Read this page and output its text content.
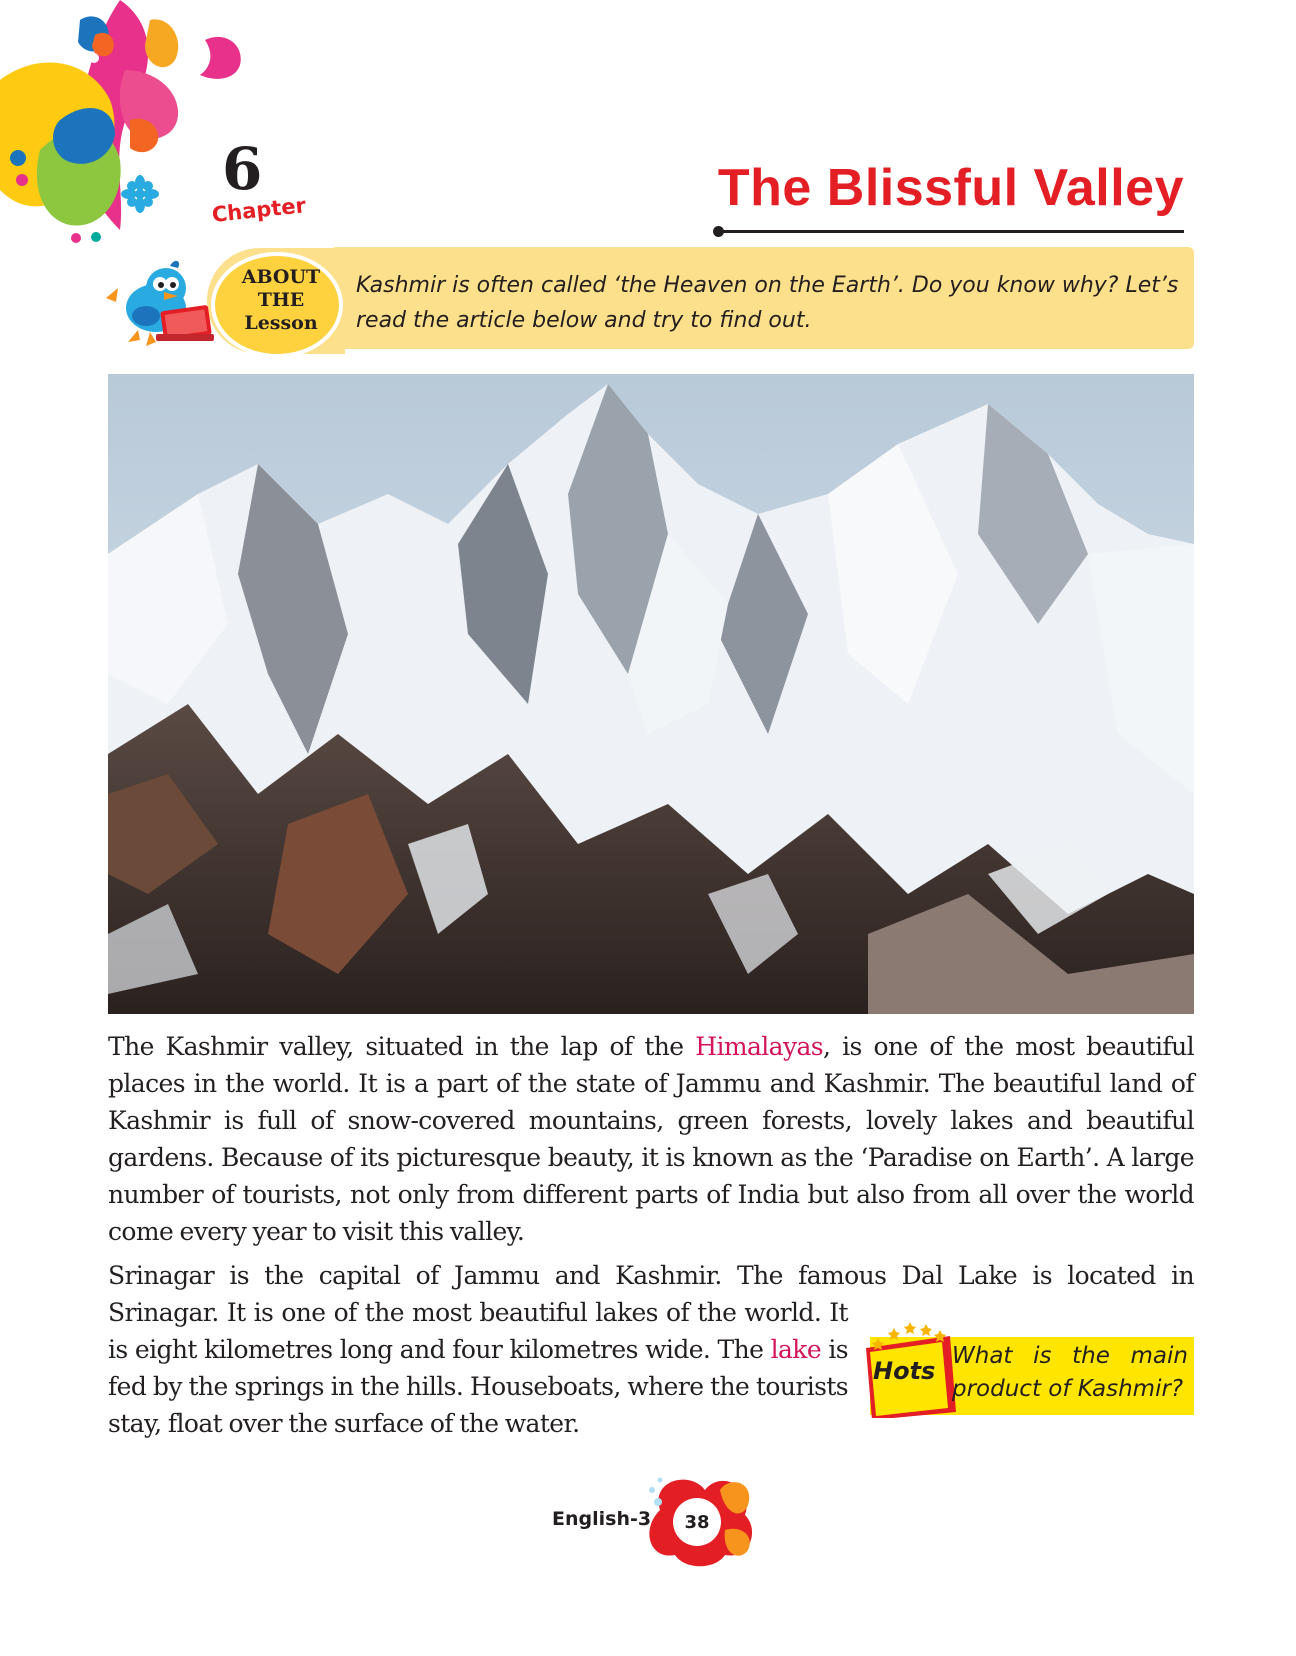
6
Chapter	The Blissful Valley
ABOUT
THE
Lesson
Kashmir is often called ‘the Heaven on the Earth’. Do you know why? Let’s read the article below and try to find out.
The Kashmir valley, situated in the lap of the Himalayas, is one of the most beautiful places in the world. It is a part of the state of Jammu and Kashmir. The beautiful land of Kashmir is full of snow-covered mountains, green forests, lovely lakes and beautiful gardens. Because of its picturesque beauty, it is known as the ‘Paradise on Earth’. A large number of tourists, not only from different parts of India but also from all over the world come every year to visit this valley.
Srinagar is the capital of Jammu and Kashmir. The famous Dal Lake is located in
Srinagar. It is one of the most beautiful lakes of the world. It is eight kilometres long and four kilometres wide. The lake is fed by the springs in the hills. Houseboats, where the tourists stay, float over the surface of the water.
Hots
What is the main product of Kashmir?
English-3	38
